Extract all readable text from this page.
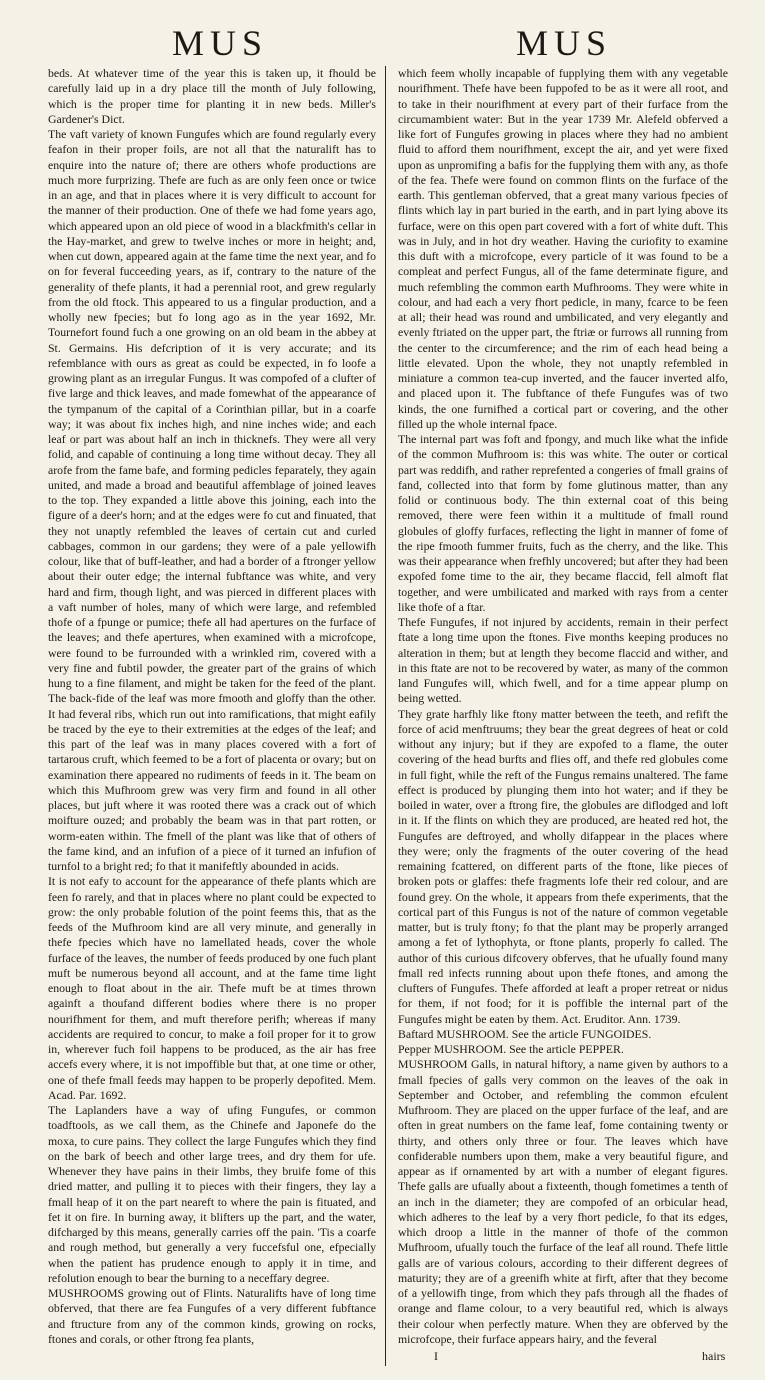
MUS	MUS

beds. At whatever time of the year this is taken up, it fhould be carefully laid up in a dry place till the month of July following, which is the proper time for planting it in new beds. Miller's Gardener's Dict.

The vaft variety of known Fungufes which are found regularly every feafon in their proper foils, are not all that the naturalift has to enquire into the nature of; there are others whofe productions are much more furprizing. Thefe are fuch as are only feen once or twice in an age, and that in places where it is very difficult to account for the manner of their production. One of thefe we had fome years ago, which appeared upon an old piece of wood in a blackfmith's cellar in the Hay-market, and grew to twelve inches or more in height; and, when cut down, appeared again at the fame time the next year, and fo on for feveral fucceeding years, as if, contrary to the nature of the generality of thefe plants, it had a perennial root, and grew regularly from the old ftock. This appeared to us a fingular production, and a wholly new fpecies; but fo long ago as in the year 1692, Mr. Tournefort found fuch a one growing on an old beam in the abbey at St. Germains. His defcription of it is very accurate; and its refemblance with ours as great as could be expected, in fo loofe a growing plant as an irregular Fungus. It was compofed of a clufter of five large and thick leaves, and made fomewhat of the appearance of the tympanum of the capital of a Corinthian pillar, but in a coarfe way; it was about fix inches high, and nine inches wide; and each leaf or part was about half an inch in thicknefs. They were all very folid, and capable of continuing a long time without decay. They all arofe from the fame bafe, and forming pedicles feparately, they again united, and made a broad and beautiful affemblage of joined leaves to the top. They expanded a little above this joining, each into the figure of a deer's horn; and at the edges were fo cut and finuated, that they not unaptly refembled the leaves of certain cut and curled cabbages, common in our gardens; they were of a pale yellowifh colour, like that of buff-leather, and had a border of a ftronger yellow about their outer edge; the internal fubftance was white, and very hard and firm, though light, and was pierced in different places with a vaft number of holes, many of which were large, and refembled thofe of a fpunge or pumice; thefe all had apertures on the furface of the leaves; and thefe apertures, when examined with a microfcope, were found to be furrounded with a wrinkled rim, covered with a very fine and fubtil powder, the greater part of the grains of which hung to a fine filament, and might be taken for the feed of the plant. The back-fide of the leaf was more fmooth and gloffy than the other. It had feveral ribs, which run out into ramifications, that might eafily be traced by the eye to their extremities at the edges of the leaf; and this part of the leaf was in many places covered with a fort of tartarous cruft, which feemed to be a fort of placenta or ovary; but on examination there appeared no rudiments of feeds in it. The beam on which this Mufhroom grew was very firm and found in all other places, but juft where it was rooted there was a crack out of which moifture ouzed; and probably the beam was in that part rotten, or worm-eaten within. The fmell of the plant was like that of others of the fame kind, and an infufion of a piece of it turned an infufion of turnfol to a bright red; fo that it manifeftly abounded in acids.

It is not eafy to account for the appearance of thefe plants which are feen fo rarely, and that in places where no plant could be expected to grow: the only probable folution of the point feems this, that as the feeds of the Mufhroom kind are all very minute, and generally in thefe fpecies which have no lamellated heads, cover the whole furface of the leaves, the number of feeds produced by one fuch plant muft be numerous beyond all account, and at the fame time light enough to float about in the air. Thefe muft be at times thrown againft a thoufand different bodies where there is no proper nourifhment for them, and muft therefore perifh; whereas if many accidents are required to concur, to make a foil proper for it to grow in, wherever fuch foil happens to be produced, as the air has free accefs every where, it is not impoffible but that, at one time or other, one of thefe fmall feeds may happen to be properly depofited. Mem. Acad. Par. 1692.

The Laplanders have a way of ufing Fungufes, or common toadftools, as we call them, as the Chinefe and Japonefe do the moxa, to cure pains. They collect the large Fungufes which they find on the bark of beech and other large trees, and dry them for ufe. Whenever they have pains in their limbs, they bruife fome of this dried matter, and pulling it to pieces with their fingers, they lay a fmall heap of it on the part neareft to where the pain is fituated, and fet it on fire. In burning away, it blifters up the part, and the water, difcharged by this means, generally carries off the pain. 'Tis a coarfe and rough method, but generally a very fuccefsful one, efpecially when the patient has prudence enough to apply it in time, and refolution enough to bear the burning to a neceffary degree.

MUSHROOMS growing out of Flints. Naturalifts have of long time obferved, that there are fea Fungufes of a very different fubftance and ftructure from any of the common kinds, growing on rocks, ftones and corals, or other ftrong fea plants,

which feem wholly incapable of fupplying them with any vegetable nourifhment. Thefe have been fuppofed to be as it were all root, and to take in their nourifhment at every part of their furface from the circumambient water: But in the year 1739 Mr. Alefeld obferved a like fort of Fungufes growing in places where they had no ambient fluid to afford them nourifhment, except the air, and yet were fixed upon as unpromifing a bafis for the fupplying them with any, as thofe of the fea. Thefe were found on common flints on the furface of the earth. This gentleman obferved, that a great many various fpecies of flints which lay in part buried in the earth, and in part lying above its furface, were on this open part covered with a fort of white duft. This was in July, and in hot dry weather. Having the curiofity to examine this duft with a microfcope, every particle of it was found to be a compleat and perfect Fungus, all of the fame determinate figure, and much refembling the common earth Mufhrooms. They were white in colour, and had each a very fhort pedicle, in many, fcarce to be feen at all; their head was round and umbilicated, and very elegantly and evenly ftriated on the upper part, the ftriæ or furrows all running from the center to the circumference; and the rim of each head being a little elevated. Upon the whole, they not unaptly refembled in miniature a common tea-cup inverted, and the faucer inverted alfo, and placed upon it. The fubftance of thefe Fungufes was of two kinds, the one furnifhed a cortical part or covering, and the other filled up the whole internal fpace.

The internal part was foft and fpongy, and much like what the infide of the common Mufhroom is: this was white. The outer or cortical part was reddifh, and rather reprefented a congeries of fmall grains of fand, collected into that form by fome glutinous matter, than any folid or continuous body. The thin external coat of this being removed, there were feen within it a multitude of fmall round globules of gloffy furfaces, reflecting the light in manner of fome of the ripe fmooth fummer fruits, fuch as the cherry, and the like. This was their appearance when frefhly uncovered; but after they had been expofed fome time to the air, they became flaccid, fell almoft flat together, and were umbilicated and marked with rays from a center like thofe of a ftar.

Thefe Fungufes, if not injured by accidents, remain in their perfect ftate a long time upon the ftones. Five months keeping produces no alteration in them; but at length they become flaccid and wither, and in this ftate are not to be recovered by water, as many of the common land Fungufes will, which fwell, and for a time appear plump on being wetted.

They grate harfhly like ftony matter between the teeth, and refift the force of acid menftruums; they bear the great degrees of heat or cold without any injury; but if they are expofed to a flame, the outer covering of the head burfts and flies off, and thefe red globules come in full fight, while the reft of the Fungus remains unaltered. The fame effect is produced by plunging them into hot water; and if they be boiled in water, over a ftrong fire, the globules are diflodged and loft in it. If the flints on which they are produced, are heated red hot, the Fungufes are deftroyed, and wholly difappear in the places where they were; only the fragments of the outer covering of the head remaining fcattered, on different parts of the ftone, like pieces of broken pots or glaffes: thefe fragments lofe their red colour, and are found grey. On the whole, it appears from thefe experiments, that the cortical part of this Fungus is not of the nature of common vegetable matter, but is truly ftony; fo that the plant may be properly arranged among a fet of lythophyta, or ftone plants, properly fo called. The author of this curious difcovery obferves, that he ufually found many fmall red infects running about upon thefe ftones, and among the clufters of Fungufes. Thefe afforded at leaft a proper retreat or nidus for them, if not food; for it is poffible the internal part of the Fungufes might be eaten by them. Act. Eruditor. Ann. 1739.

Baftard MUSHROOM. See the article FUNGOIDES.

Pepper MUSHROOM. See the article PEPPER.

MUSHROOM Galls, in natural hiftory, a name given by authors to a fmall fpecies of galls very common on the leaves of the oak in September and October, and refembling the common efculent Mufhroom. They are placed on the upper furface of the leaf, and are often in great numbers on the fame leaf, fome containing twenty or thirty, and others only three or four. The leaves which have confiderable numbers upon them, make a very beautiful figure, and appear as if ornamented by art with a number of elegant figures. Thefe galls are ufually about a fixteenth, though fometimes a tenth of an inch in the diameter; they are compofed of an orbicular head, which adheres to the leaf by a very fhort pedicle, fo that its edges, which droop a little in the manner of thofe of the common Mufhroom, ufually touch the furface of the leaf all round. Thefe little galls are of various colours, according to their different degrees of maturity; they are of a greenifh white at firft, after that they become of a yellowifh tinge, from which they pafs through all the fhades of orange and flame colour, to a very beautiful red, which is always their colour when perfectly mature. When they are obferved by the microfcope, their furface appears hairy, and the feveral

I	hairs
